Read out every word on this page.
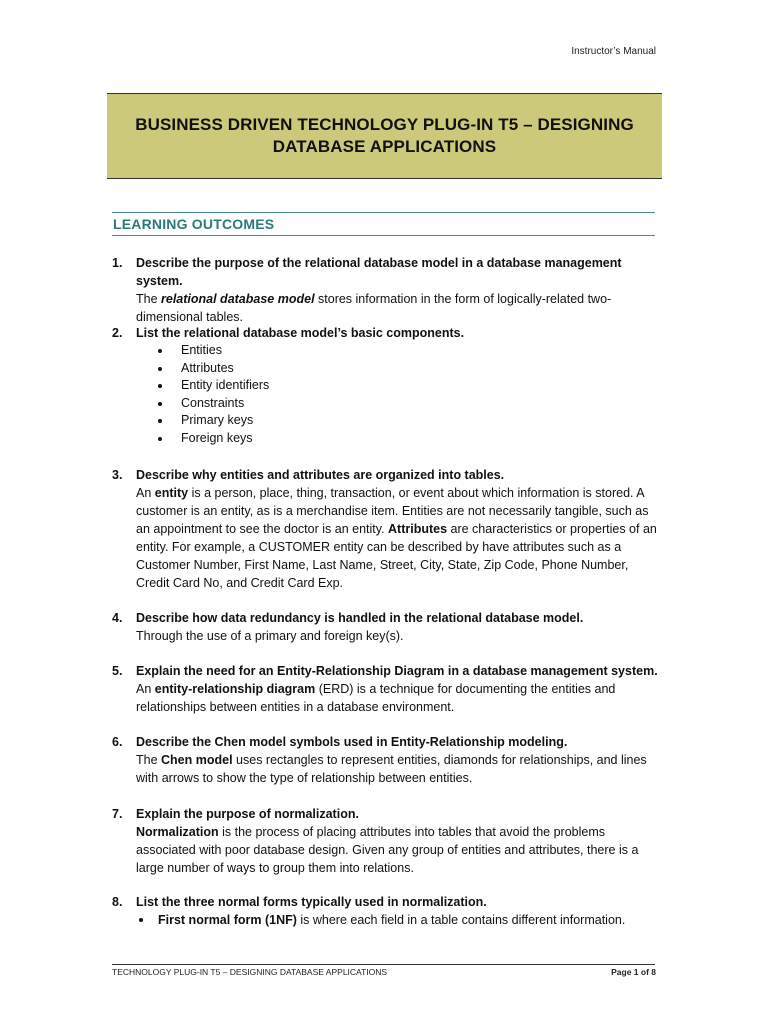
Instructor’s Manual
BUSINESS DRIVEN TECHNOLOGY PLUG-IN T5 – DESIGNING
DATABASE APPLICATIONS
LEARNING OUTCOMES
1. Describe the purpose of the relational database model in a database management system.
The relational database model stores information in the form of logically-related two-dimensional tables.
2. List the relational database model’s basic components.
Entities
Attributes
Entity identifiers
Constraints
Primary keys
Foreign keys
3. Describe why entities and attributes are organized into tables.
An entity is a person, place, thing, transaction, or event about which information is stored. A customer is an entity, as is a merchandise item. Entities are not necessarily tangible, such as an appointment to see the doctor is an entity. Attributes are characteristics or properties of an entity. For example, a CUSTOMER entity can be described by have attributes such as a Customer Number, First Name, Last Name, Street, City, State, Zip Code, Phone Number, Credit Card No, and Credit Card Exp.
4. Describe how data redundancy is handled in the relational database model.
Through the use of a primary and foreign key(s).
5. Explain the need for an Entity-Relationship Diagram in a database management system.
An entity-relationship diagram (ERD) is a technique for documenting the entities and relationships between entities in a database environment.
6. Describe the Chen model symbols used in Entity-Relationship modeling.
The Chen model uses rectangles to represent entities, diamonds for relationships, and lines with arrows to show the type of relationship between entities.
7. Explain the purpose of normalization.
Normalization is the process of placing attributes into tables that avoid the problems associated with poor database design. Given any group of entities and attributes, there is a large number of ways to group them into relations.
8. List the three normal forms typically used in normalization.
First normal form (1NF) is where each field in a table contains different information.
TECHNOLOGY PLUG-IN T5 – DESIGNING DATABASE APPLICATIONS	Page 1 of 8
